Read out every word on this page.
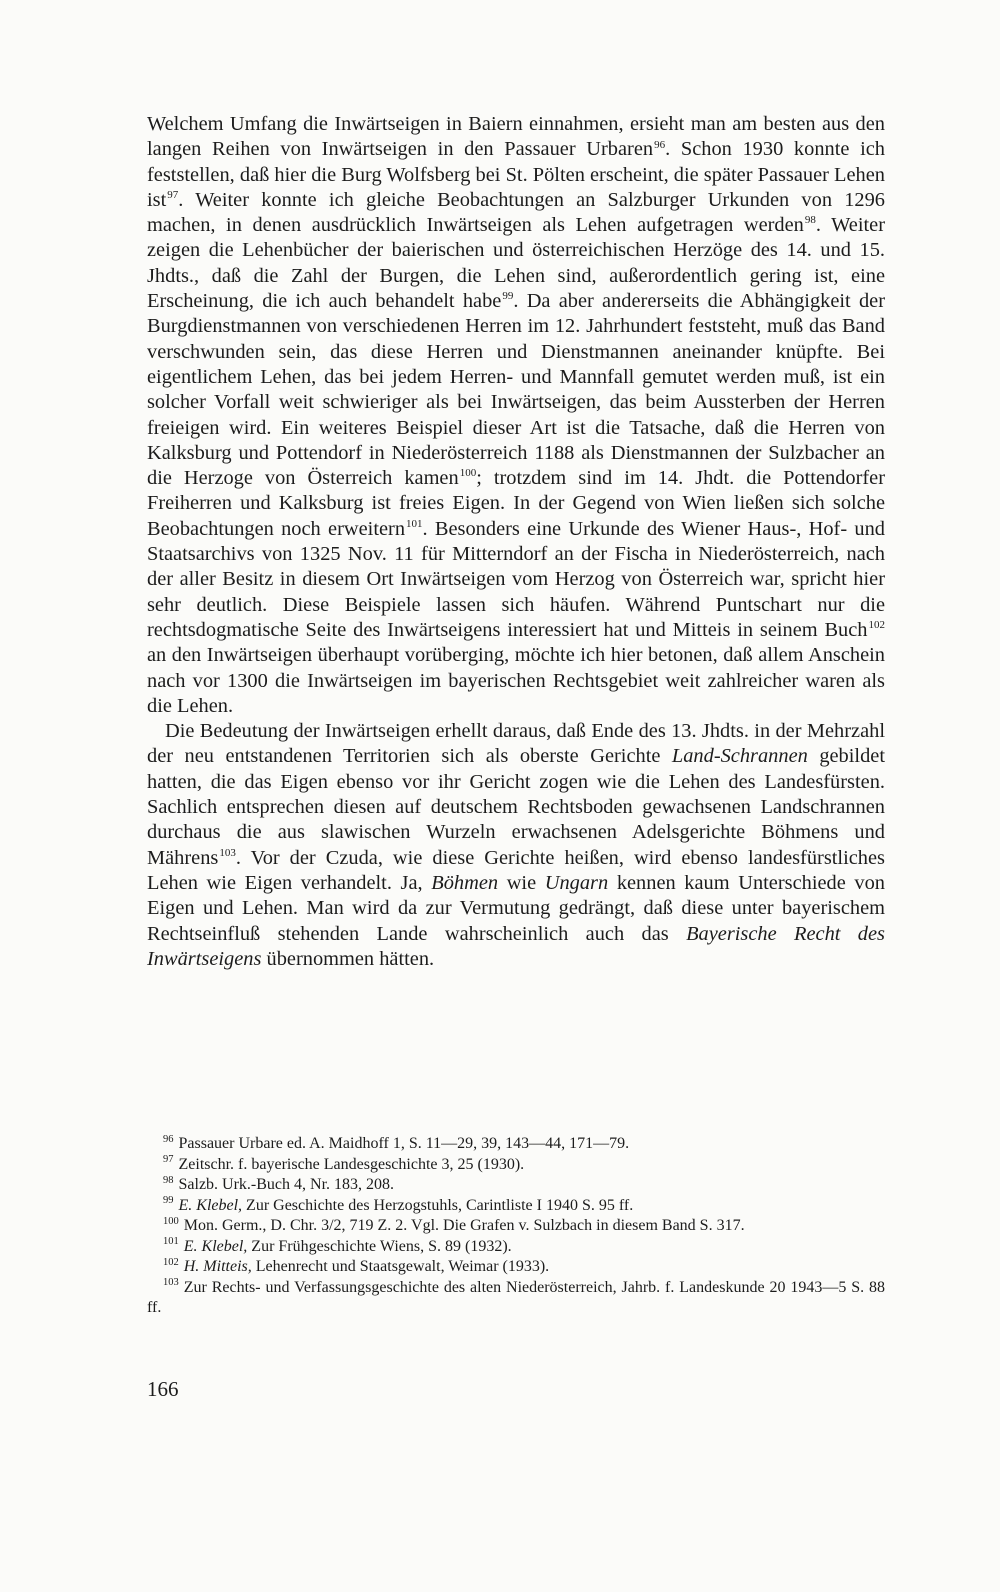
Welchem Umfang die Inwärtseigen in Baiern einnahmen, ersieht man am besten aus den langen Reihen von Inwärtseigen in den Passauer Urbaren$^{96}$. Schon 1930 konnte ich feststellen, daß hier die Burg Wolfsberg bei St. Pölten erscheint, die später Passauer Lehen ist$^{97}$. Weiter konnte ich gleiche Beobachtungen an Salzburger Urkunden von 1296 machen, in denen ausdrücklich Inwärtseigen als Lehen aufgetragen werden$^{98}$. Weiter zeigen die Lehenbücher der baierischen und österreichischen Herzöge des 14. und 15. Jhdts., daß die Zahl der Burgen, die Lehen sind, außerordentlich gering ist, eine Erscheinung, die ich auch behandelt habe$^{99}$. Da aber andererseits die Abhängigkeit der Burgdienstmannen von verschiedenen Herren im 12. Jahrhundert feststeht, muß das Band verschwunden sein, das diese Herren und Dienstmannen aneinander knüpfte. Bei eigentlichem Lehen, das bei jedem Herren- und Mannfall gemutet werden muß, ist ein solcher Vorfall weit schwieriger als bei Inwärtseigen, das beim Aussterben der Herren freieigen wird. Ein weiteres Beispiel dieser Art ist die Tatsache, daß die Herren von Kalksburg und Pottendorf in Niederösterreich 1188 als Dienstmannen der Sulzbacher an die Herzoge von Österreich kamen$^{100}$; trotzdem sind im 14. Jhdt. die Pottendorfer Freiherren und Kalksburg ist freies Eigen. In der Gegend von Wien ließen sich solche Beobachtungen noch erweitern$^{101}$. Besonders eine Urkunde des Wiener Haus-, Hof- und Staatsarchivs von 1325 Nov. 11 für Mitterndorf an der Fischa in Niederösterreich, nach der aller Besitz in diesem Ort Inwärtseigen vom Herzog von Österreich war, spricht hier sehr deutlich. Diese Beispiele lassen sich häufen. Während Puntschart nur die rechtsdogmatische Seite des Inwärtseigens interessiert hat und Mitteis in seinem Buch$^{102}$ an den Inwärtseigen überhaupt vorüberging, möchte ich hier betonen, daß allem Anschein nach vor 1300 die Inwärtseigen im bayerischen Rechtsgebiet weit zahlreicher waren als die Lehen.

Die Bedeutung der Inwärtseigen erhellt daraus, daß Ende des 13. Jhdts. in der Mehrzahl der neu entstandenen Territorien sich als oberste Gerichte Land-Schrannen gebildet hatten, die das Eigen ebenso vor ihr Gericht zogen wie die Lehen des Landesfürsten. Sachlich entsprechen diesen auf deutschem Rechtsboden gewachsenen Landschrannen durchaus die aus slawischen Wurzeln erwachsenen Adelsgerichte Böhmens und Mährens$^{103}$. Vor der Czuda, wie diese Gerichte heißen, wird ebenso landesfürstliches Lehen wie Eigen verhandelt. Ja, Böhmen wie Ungarn kennen kaum Unterschiede von Eigen und Lehen. Man wird da zur Vermutung gedrängt, daß diese unter bayerischem Rechtseinfluß stehenden Lande wahrscheinlich auch das Bayerische Recht des Inwärtseigens übernommen hätten.

$^{96}$ Passauer Urbare ed. A. Maidhoff 1, S. 11—29, 39, 143—44, 171—79.

$^{97}$ Zeitschr. f. bayerische Landesgeschichte 3, 25 (1930).

$^{98}$ Salzb. Urk.-Buch 4, Nr. 183, 208.

$^{99}$ E. Klebel, Zur Geschichte des Herzogstuhls, Carintliste I 1940 S. 95 ff.

$^{100}$ Mon. Germ., D. Chr. 3/2, 719 Z. 2. Vgl. Die Grafen v. Sulzbach in diesem Band S. 317.

$^{101}$ E. Klebel, Zur Frühgeschichte Wiens, S. 89 (1932).

$^{102}$ H. Mitteis, Lehenrecht und Staatsgewalt, Weimar (1933).

$^{103}$ Zur Rechts- und Verfassungsgeschichte des alten Niederösterreich, Jahrb. f. Landeskunde 20 1943—5 S. 88 ff.

166
